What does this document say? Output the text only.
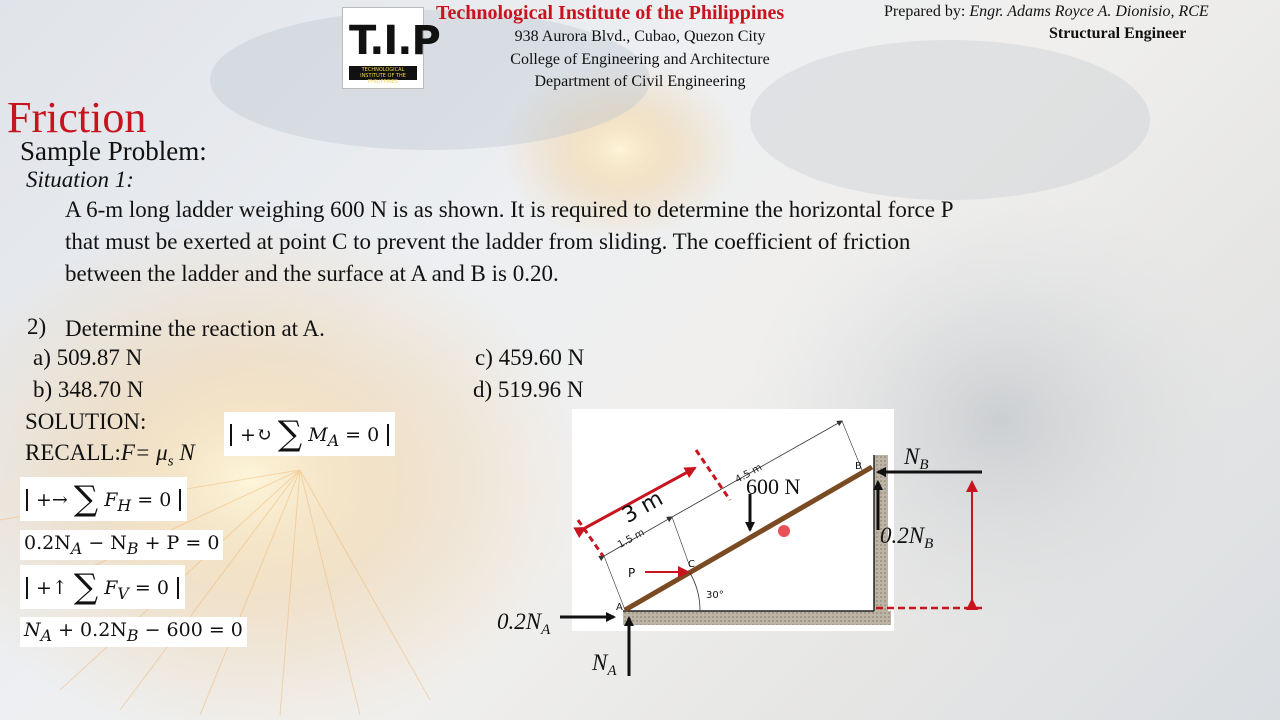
T.I.P
TECHNOLOGICAL INSTITUTE OF THE PHILIPPINES
Technological Institute of the Philippines
938 Aurora Blvd., Cubao, Quezon City
College of Engineering and Architecture
Department of Civil Engineering
Prepared by: Engr. Adams Royce A. Dionisio, RCE
Structural Engineer
Friction
Sample Problem:
Situation 1:
A 6-m long ladder weighing 600 N is as shown. It is required to determine the horizontal force P that must be exerted at point C to prevent the ladder from sliding. The coefficient of friction between the ladder and the surface at A and B is 0.20.
2) Determine the reaction at A.
a) 509.87 N
b) 348.70 N
c) 459.60 N
d) 519.96 N
SOLUTION:
RECALL:F= $\mu_s$ N
+↻ ∑ $M_A = 0$
+→ ∑ $F_H = 0$
$0.2N_A - N_B + P = 0$
+↑ ∑ $F_V = 0$
$N_A + 0.2N_B - 600 = 0$
3 m
4.5 m
1.5 m
600 N
P
C
A
B
30°
$N_B$
$0.2N_B$
$0.2N_A$
$N_A$
